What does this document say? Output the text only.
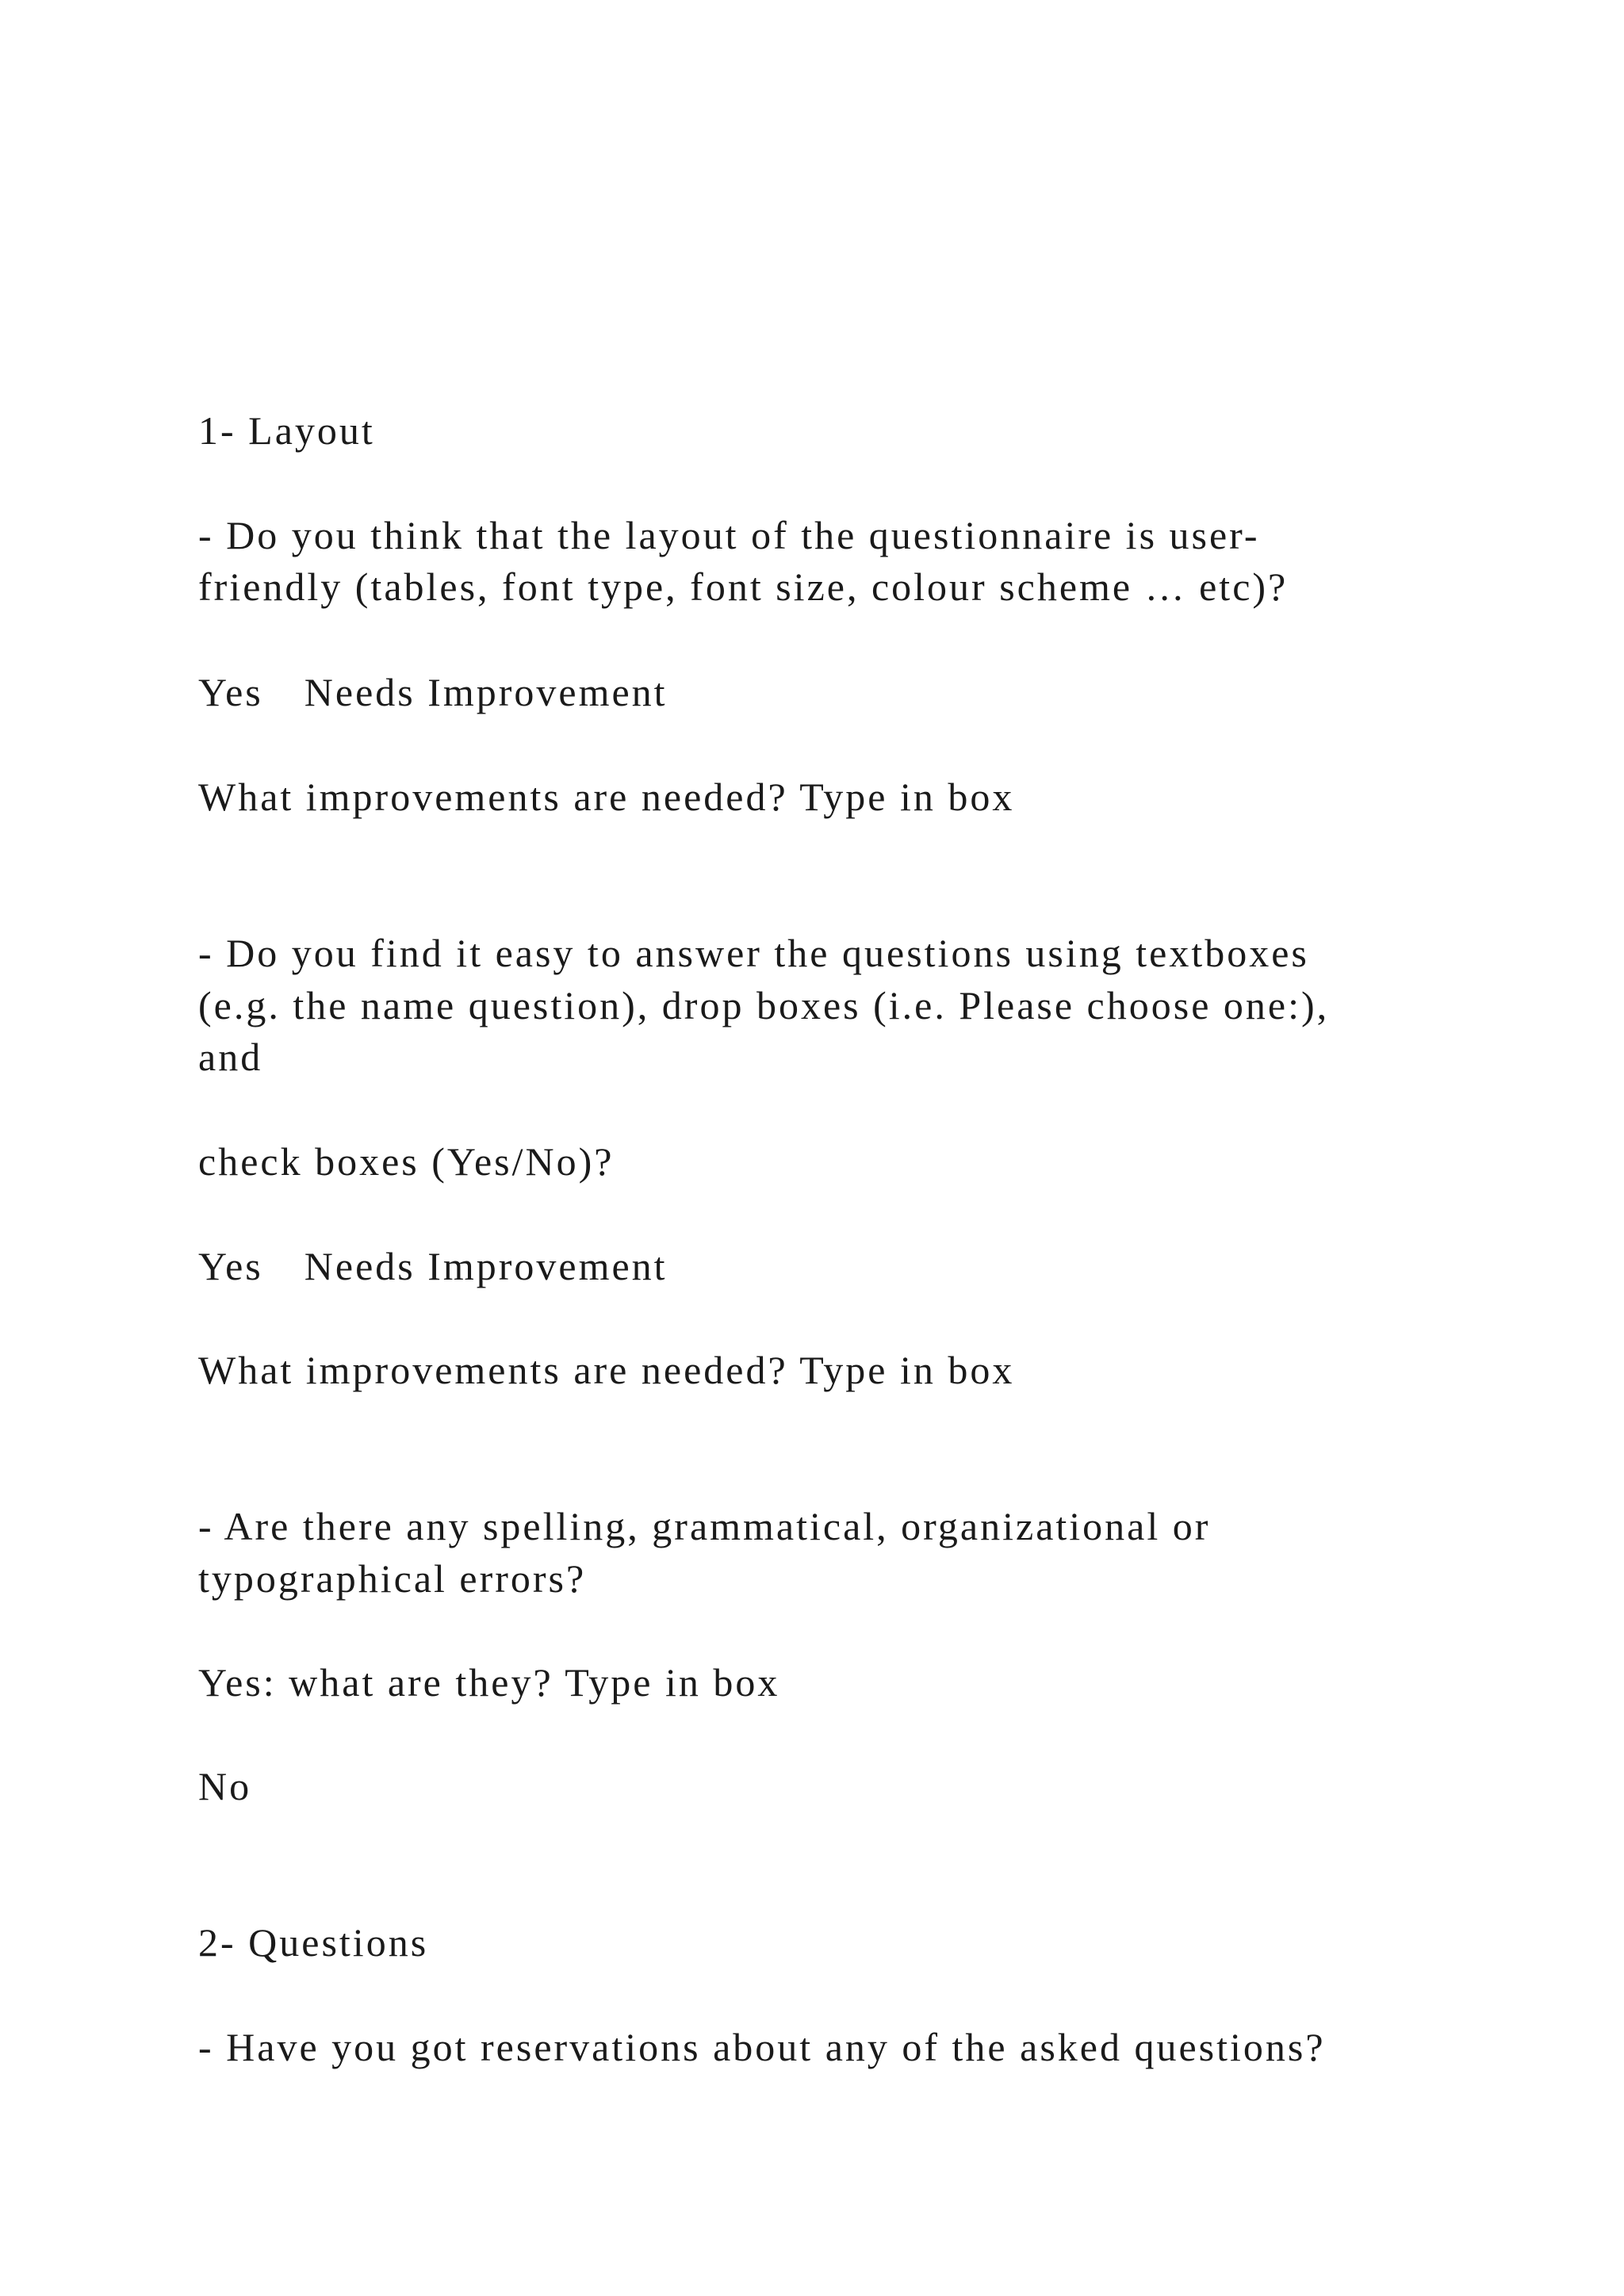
1- Layout
- Do you think that the layout of the questionnaire is user-
friendly (tables, font type, font size, colour scheme … etc)?
Yes Needs Improvement
What improvements are needed? Type in box
- Do you find it easy to answer the questions using textboxes
(e.g. the name question), drop boxes (i.e. Please choose one:),
and
check boxes (Yes/No)?
Yes Needs Improvement
What improvements are needed? Type in box
- Are there any spelling, grammatical, organizational or
typographical errors?
Yes: what are they? Type in box
No
2- Questions
- Have you got reservations about any of the asked questions?
